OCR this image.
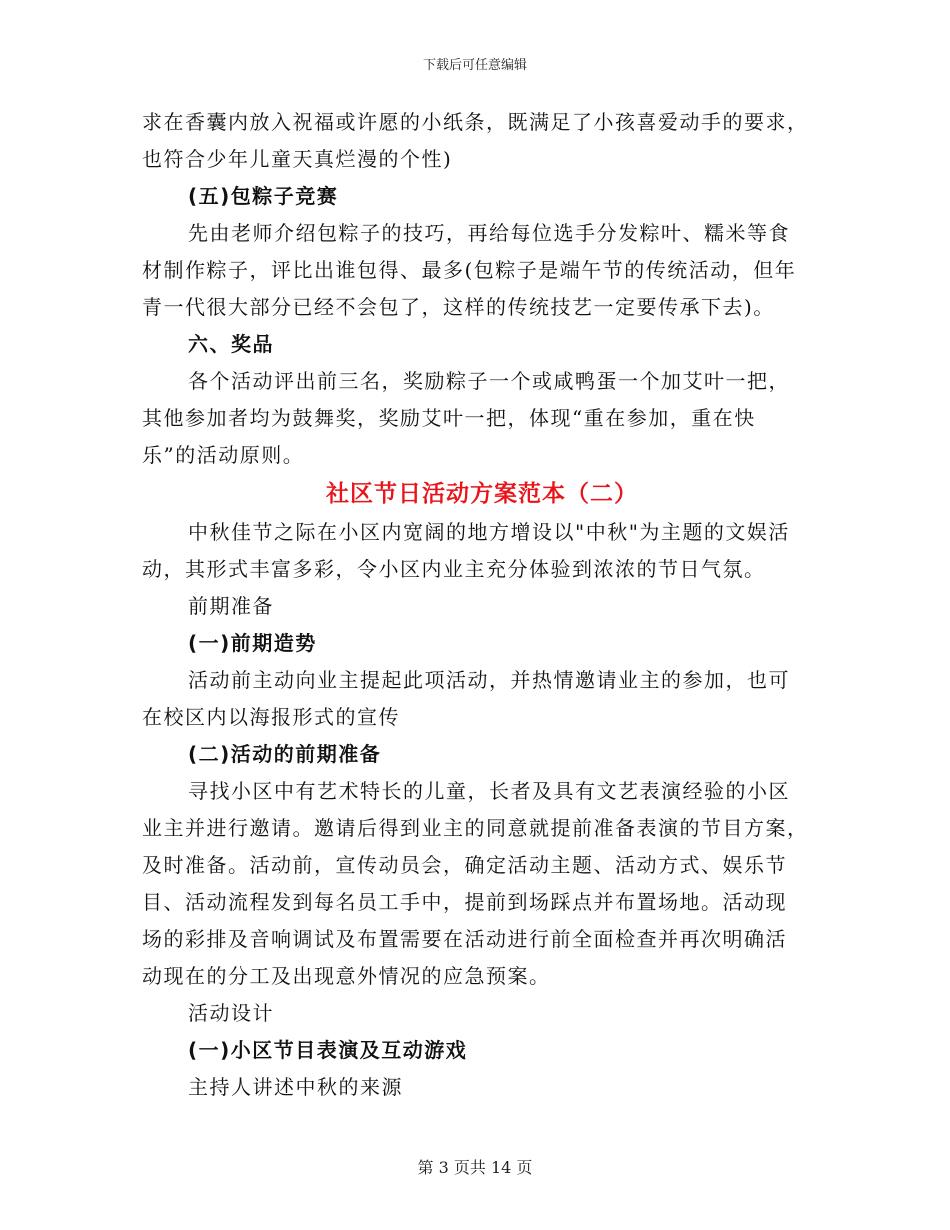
下载后可任意编辑

求在香囊内放入祝福或许愿的小纸条，既满足了小孩喜爱动手的要求，

也符合少年儿童天真烂漫的个性)

(五)包粽子竞赛

先由老师介绍包粽子的技巧，再给每位选手分发粽叶、糯米等食

材制作粽子，评比出谁包得、最多(包粽子是端午节的传统活动，但年

青一代很大部分已经不会包了，这样的传统技艺一定要传承下去)。

六、奖品

各个活动评出前三名，奖励粽子一个或咸鸭蛋一个加艾叶一把，

其他参加者均为鼓舞奖，奖励艾叶一把，体现“重在参加，重在快

乐”的活动原则。

社区节日活动方案范本（二）

中秋佳节之际在小区内宽阔的地方增设以"中秋"为主题的文娱活

动，其形式丰富多彩，令小区内业主充分体验到浓浓的节日气氛。

前期准备

(一)前期造势

活动前主动向业主提起此项活动，并热情邀请业主的参加，也可

在校区内以海报形式的宣传

(二)活动的前期准备

寻找小区中有艺术特长的儿童，长者及具有文艺表演经验的小区

业主并进行邀请。邀请后得到业主的同意就提前准备表演的节目方案，

及时准备。活动前，宣传动员会，确定活动主题、活动方式、娱乐节

目、活动流程发到每名员工手中，提前到场踩点并布置场地。活动现

场的彩排及音响调试及布置需要在活动进行前全面检查并再次明确活

动现在的分工及出现意外情况的应急预案。

活动设计

(一)小区节目表演及互动游戏

主持人讲述中秋的来源

第 3 页共 14 页
